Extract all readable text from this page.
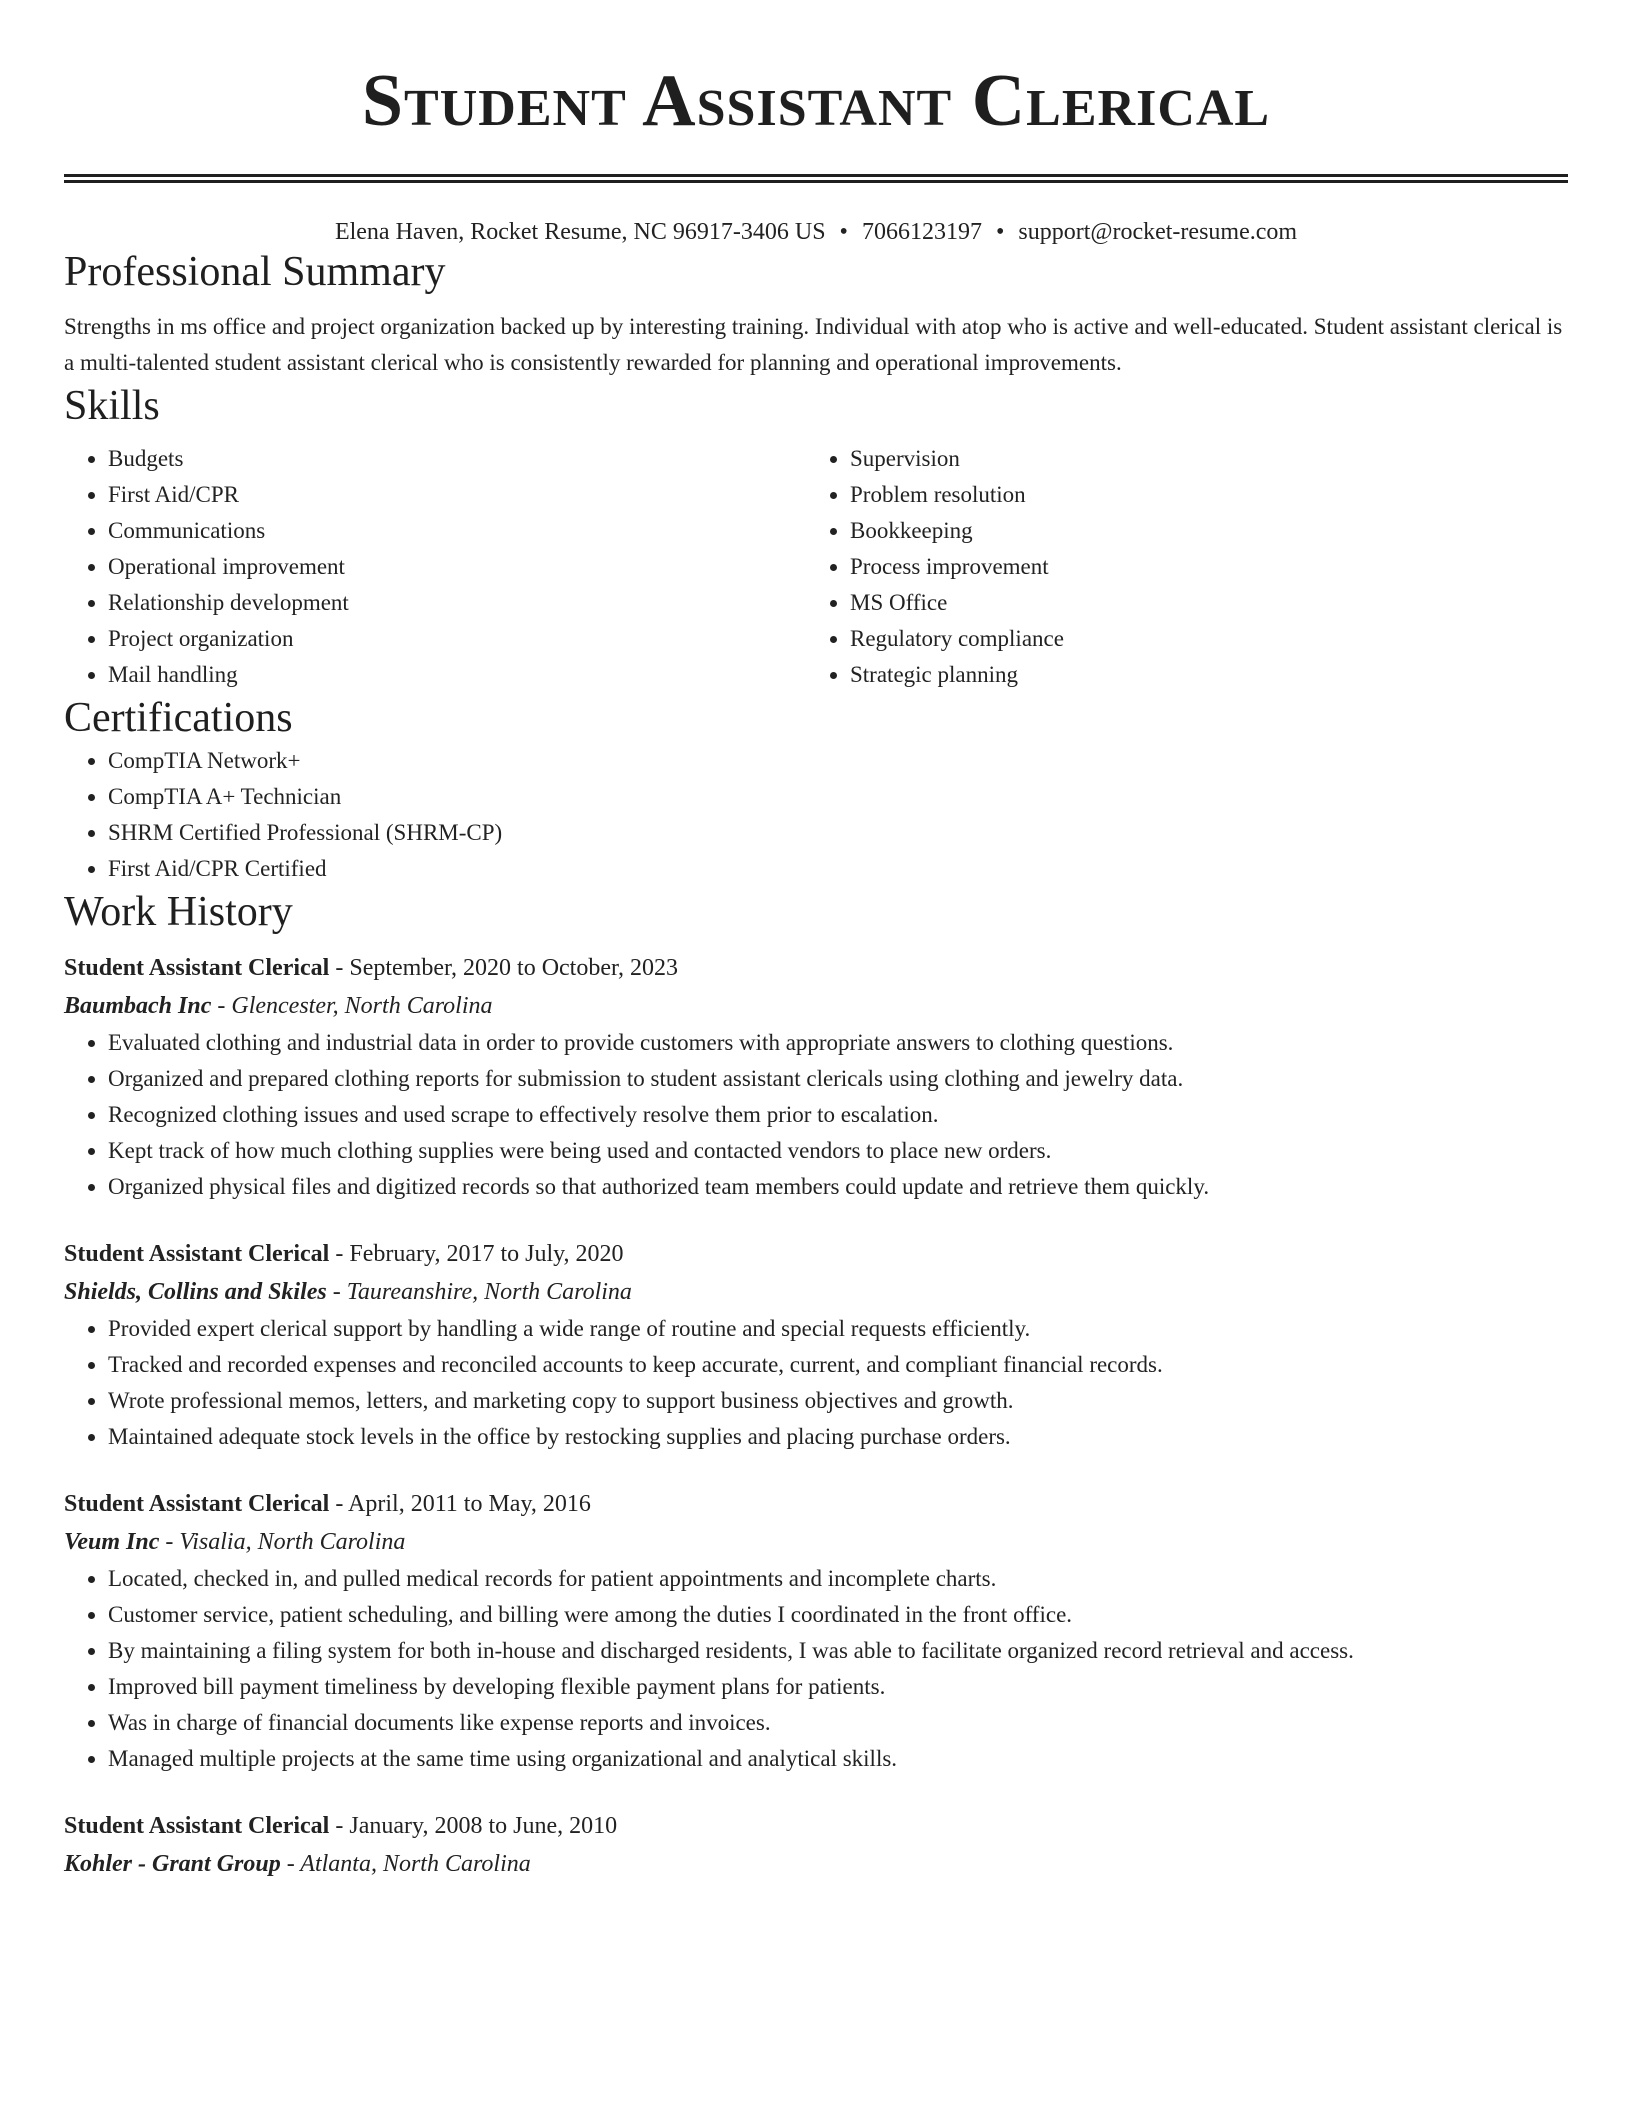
Student Assistant Clerical
Elena Haven, Rocket Resume, NC 96917-3406 US • 7066123197 • support@rocket-resume.com
Professional Summary
Strengths in ms office and project organization backed up by interesting training. Individual with atop who is active and well-educated. Student assistant clerical is a multi-talented student assistant clerical who is consistently rewarded for planning and operational improvements.
Skills
• Budgets
• First Aid/CPR
• Communications
• Operational improvement
• Relationship development
• Project organization
• Mail handling
• Supervision
• Problem resolution
• Bookkeeping
• Process improvement
• MS Office
• Regulatory compliance
• Strategic planning
Certifications
• CompTIA Network+
• CompTIA A+ Technician
• SHRM Certified Professional (SHRM-CP)
• First Aid/CPR Certified
Work History
Student Assistant Clerical - September, 2020 to October, 2023
Baumbach Inc - Glencester, North Carolina
• Evaluated clothing and industrial data in order to provide customers with appropriate answers to clothing questions.
• Organized and prepared clothing reports for submission to student assistant clericals using clothing and jewelry data.
• Recognized clothing issues and used scrape to effectively resolve them prior to escalation.
• Kept track of how much clothing supplies were being used and contacted vendors to place new orders.
• Organized physical files and digitized records so that authorized team members could update and retrieve them quickly.
Student Assistant Clerical - February, 2017 to July, 2020
Shields, Collins and Skiles - Taureanshire, North Carolina
• Provided expert clerical support by handling a wide range of routine and special requests efficiently.
• Tracked and recorded expenses and reconciled accounts to keep accurate, current, and compliant financial records.
• Wrote professional memos, letters, and marketing copy to support business objectives and growth.
• Maintained adequate stock levels in the office by restocking supplies and placing purchase orders.
Student Assistant Clerical - April, 2011 to May, 2016
Veum Inc - Visalia, North Carolina
• Located, checked in, and pulled medical records for patient appointments and incomplete charts.
• Customer service, patient scheduling, and billing were among the duties I coordinated in the front office.
• By maintaining a filing system for both in-house and discharged residents, I was able to facilitate organized record retrieval and access.
• Improved bill payment timeliness by developing flexible payment plans for patients.
• Was in charge of financial documents like expense reports and invoices.
• Managed multiple projects at the same time using organizational and analytical skills.
Student Assistant Clerical - January, 2008 to June, 2010
Kohler - Grant Group - Atlanta, North Carolina
